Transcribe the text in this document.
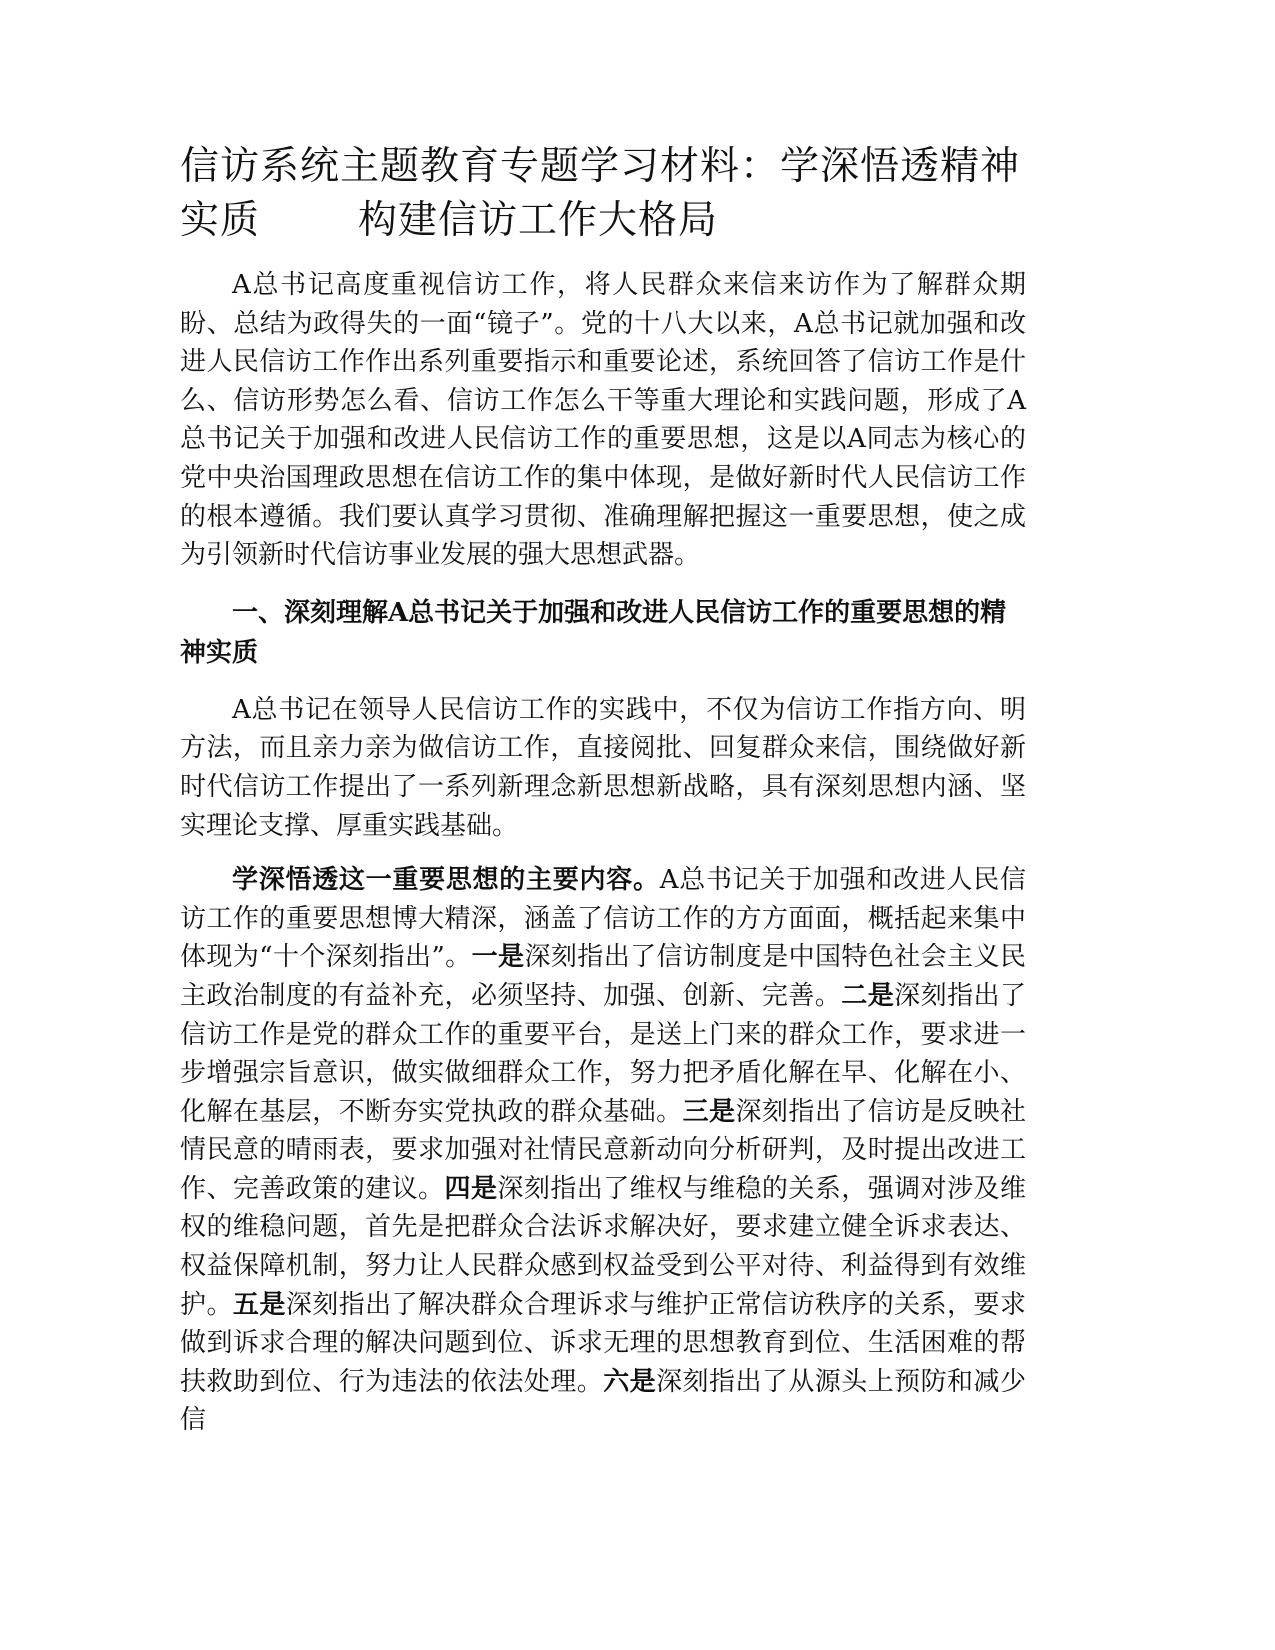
信访系统主题教育专题学习材料：学深悟透精神
实质	构建信访工作大格局

A总书记高度重视信访工作，将人民群众来信来访作为了解群众期盼、总结为政得失的一面“镜子”。党的十八大以来，A总书记就加强和改进人民信访工作作出系列重要指示和重要论述，系统回答了信访工作是什么、信访形势怎么看、信访工作怎么干等重大理论和实践问题，形成了A总书记关于加强和改进人民信访工作的重要思想，这是以A同志为核心的党中央治国理政思想在信访工作的集中体现，是做好新时代人民信访工作的根本遵循。我们要认真学习贯彻、准确理解把握这一重要思想，使之成为引领新时代信访事业发展的强大思想武器。

一、深刻理解A总书记关于加强和改进人民信访工作的重要思想的精神实质

A总书记在领导人民信访工作的实践中，不仅为信访工作指方向、明方法，而且亲力亲为做信访工作，直接阅批、回复群众来信，围绕做好新时代信访工作提出了一系列新理念新思想新战略，具有深刻思想内涵、坚实理论支撑、厚重实践基础。

学深悟透这一重要思想的主要内容。A总书记关于加强和改进人民信访工作的重要思想博大精深，涵盖了信访工作的方方面面，概括起来集中体现为“十个深刻指出”。一是深刻指出了信访制度是中国特色社会主义民主政治制度的有益补充，必须坚持、加强、创新、完善。二是深刻指出了信访工作是党的群众工作的重要平台，是送上门来的群众工作，要求进一步增强宗旨意识，做实做细群众工作，努力把矛盾化解在早、化解在小、化解在基层，不断夯实党执政的群众基础。三是深刻指出了信访是反映社情民意的晴雨表，要求加强对社情民意新动向分析研判，及时提出改进工作、完善政策的建议。四是深刻指出了维权与维稳的关系，强调对涉及维权的维稳问题，首先是把群众合法诉求解决好，要求建立健全诉求表达、权益保障机制，努力让人民群众感到权益受到公平对待、利益得到有效维护。五是深刻指出了解决群众合理诉求与维护正常信访秩序的关系，要求做到诉求合理的解决问题到位、诉求无理的思想教育到位、生活困难的帮扶救助到位、行为违法的依法处理。六是深刻指出了从源头上预防和减少信
